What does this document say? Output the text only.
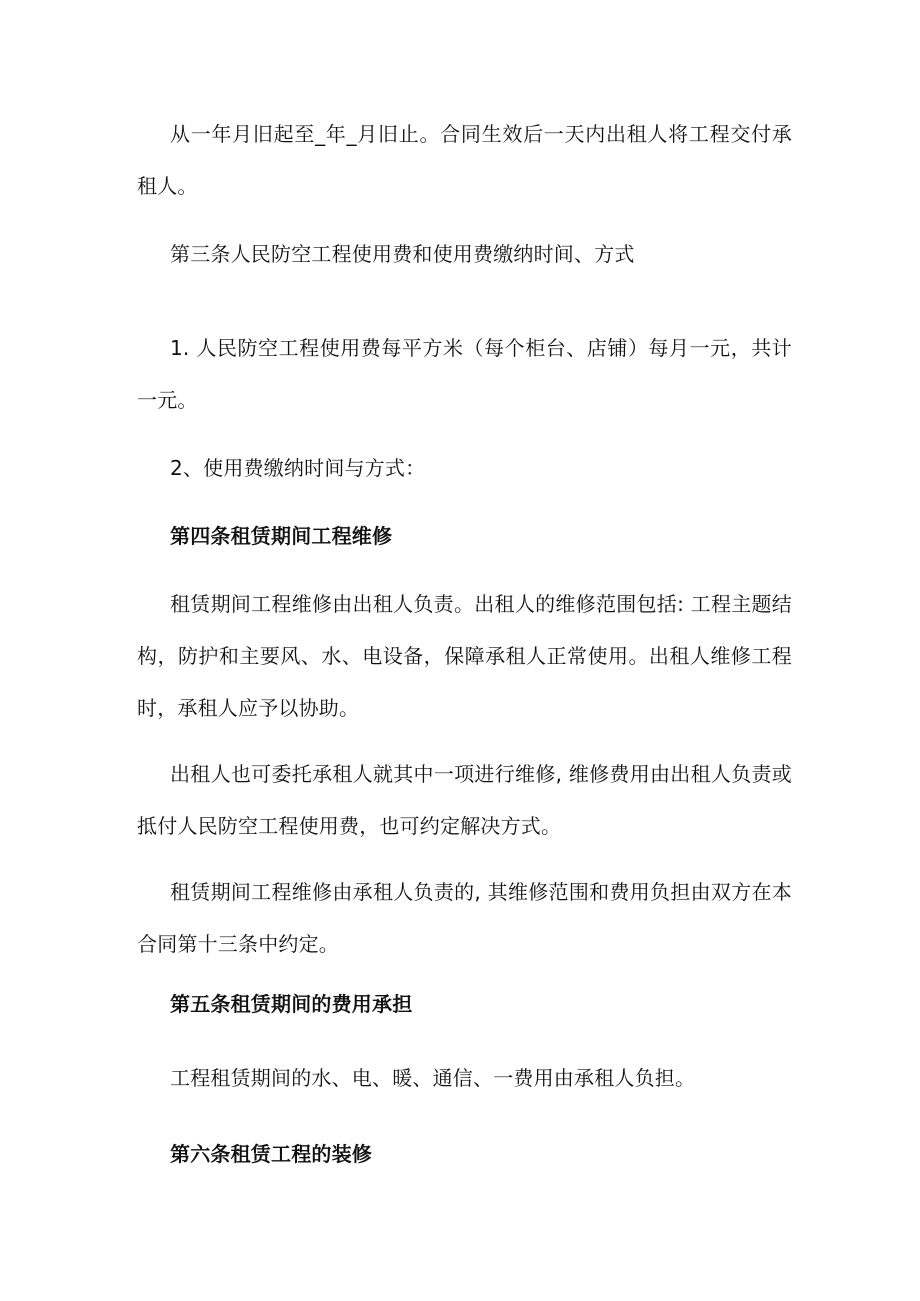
从一年月旧起至_年_月旧止。合同生效后一天内出租人将工程交付承租人。

第三条人民防空工程使用费和使用费缴纳时间、方式

1. 人民防空工程使用费每平方米（每个柜台、店铺）每月一元，共计一元。

2、使用费缴纳时间与方式：

第四条租赁期间工程维修

租赁期间工程维修由出租人负责。出租人的维修范围包括: 工程主题结构，防护和主要风、水、电设备，保障承租人正常使用。出租人维修工程时，承租人应予以协助。

出租人也可委托承租人就其中一项进行维修, 维修费用由出租人负责或抵付人民防空工程使用费，也可约定解决方式。

租赁期间工程维修由承租人负责的, 其维修范围和费用负担由双方在本合同第十三条中约定。

第五条租赁期间的费用承担

工程租赁期间的水、电、暖、通信、一费用由承租人负担。

第六条租赁工程的装修
